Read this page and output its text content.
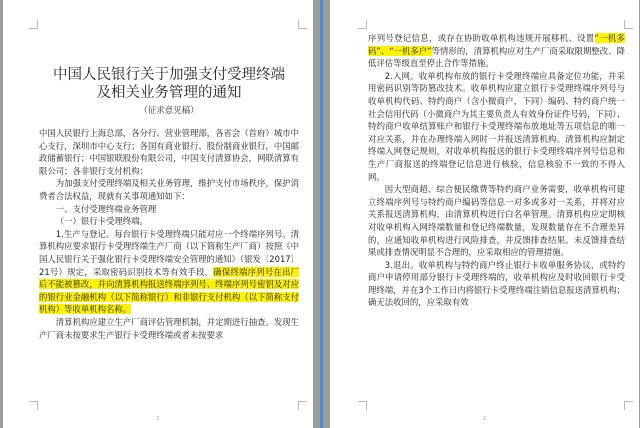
中国人民银行关于加强支付受理终端
及相关业务管理的通知
（征求意见稿）

中国人民银行上海总部，各分行、营业管理部，各省会（首府）城市中心支行，深圳市中心支行；各国有商业银行、股份制商业银行，中国邮政储蓄银行；中国银联股份有限公司，中国支付清算协会，网联清算有限公司；各非银行支付机构：

为加强支付受理终端及相关业务管理，维护支付市场秩序，保护消费者合法权益，现就有关事项通知如下：

一、支付受理终端业务管理

（一）银行卡受理终端。

1.生产与登记。每台银行卡受理终端只能对应一个终端序列号。清算机构应要求银行卡受理终端生产厂商（以下简称生产厂商）按照《中国人民银行关于强化银行卡受理终端安全管理的通知》（银发〔2017〕21号）规定，采取密码识别技术等有效手段，确保终端序列号在出厂后不能被篡改，并向清算机构报送终端序列号、终端序列号密钥及对应的银行业金融机构（以下简称银行）和非银行支付机构（以下简称支付机构）等收单机构名称。

清算机构应建立生产厂商评估管理机制，并定期进行抽查。发现生产厂商未按要求生产银行卡受理终端或者未按要求

1

序列号登记信息，或存在协助收单机构违规开展移机、设置“一机多码”、“一机多户”等情形的，清算机构应对生产厂商采取限期整改、降低评估等级直至停止合作等措施。

2.入网。收单机构布放的银行卡受理终端应具备定位功能，并采用密码识别等防篡改技术。收单机构应建立银行卡受理终端序列号与收单机构代码、特约商户（含小微商户，下同）编码、特约商户统一社会信用代码（小微商户为其主要负责人有效身份证件号码，下同）、特约商户收单结算账户和银行卡受理终端布放地址等五项信息的唯一对应关系，并在办理终端入网时一并报送清算机构。清算机构应制定终端入网登记规则，对收单机构报送的银行卡受理终端序列号信息和生产厂商报送的终端登记信息进行核验，信息核验不一致的不得入网。

因大型商超、综合便民缴费等特约商户业务需要，收单机构可建立终端序列号与特约商户编码等信息一对多或多对一关系，并将对应关系报送清算机构，由清算机构进行白名单管理。清算机构应定期核对收单机构入网终端数量和登记终端数量，发现数量存在不合理差异的，应通知收单机构进行风险排查，并反馈排查结果。未反馈排查结果或排查情况明显不合理的，应采取相应的管理措施。

3.退出。收单机构与特约商户终止银行卡收单服务协议，或特约商户申请停用部分银行卡受理终端的，收单机构应及时收回银行卡受理终端，并在3个工作日内将银行卡受理终端注销信息报送清算机构；确无法收回的，应采取有效

2
